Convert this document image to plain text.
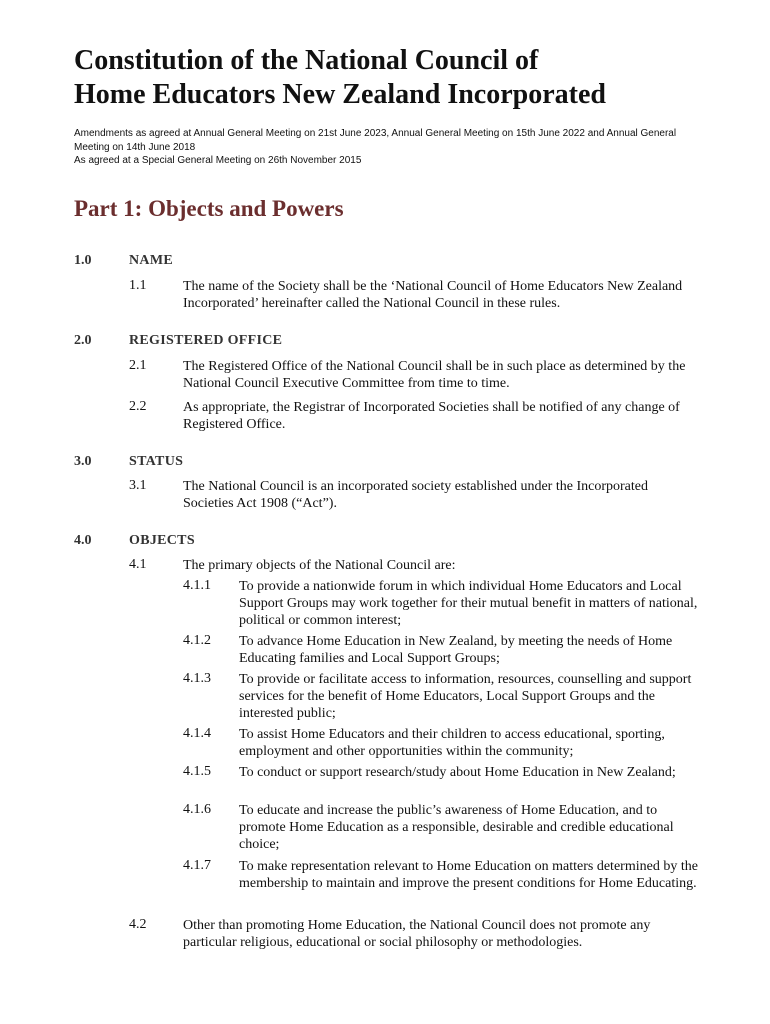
Constitution of the National Council of
Home Educators New Zealand Incorporated
Amendments as agreed at Annual General Meeting on 21st June 2023, Annual General Meeting on 15th June 2022 and Annual General Meeting on 14th June 2018
As agreed at a Special General Meeting on 26th November 2015
Part 1: Objects and Powers
1.0	NAME
1.1	The name of the Society shall be the ‘National Council of Home Educators New Zealand Incorporated’ hereinafter called the National Council in these rules.
2.0	REGISTERED OFFICE
2.1	The Registered Office of the National Council shall be in such place as determined by the National Council Executive Committee from time to time.
2.2	As appropriate, the Registrar of Incorporated Societies shall be notified of any change of Registered Office.
3.0	STATUS
3.1	The National Council is an incorporated society established under the Incorporated Societies Act 1908 (“Act”).
4.0	OBJECTS
4.1	The primary objects of the National Council are:
4.1.1 To provide a nationwide forum in which individual Home Educators and Local Support Groups may work together for their mutual benefit in matters of national, political or common interest;
4.1.2 To advance Home Education in New Zealand, by meeting the needs of Home Educating families and Local Support Groups;
4.1.3 To provide or facilitate access to information, resources, counselling and support services for the benefit of Home Educators, Local Support Groups and the interested public;
4.1.4 To assist Home Educators and their children to access educational, sporting, employment and other opportunities within the community;
4.1.5 To conduct or support research/study about Home Education in New Zealand;
4.1.6 To educate and increase the public’s awareness of Home Education, and to promote Home Education as a responsible, desirable and credible educational choice;
4.1.7 To make representation relevant to Home Education on matters determined by the membership to maintain and improve the present conditions for Home Educating.
4.2	Other than promoting Home Education, the National Council does not promote any particular religious, educational or social philosophy or methodologies.
